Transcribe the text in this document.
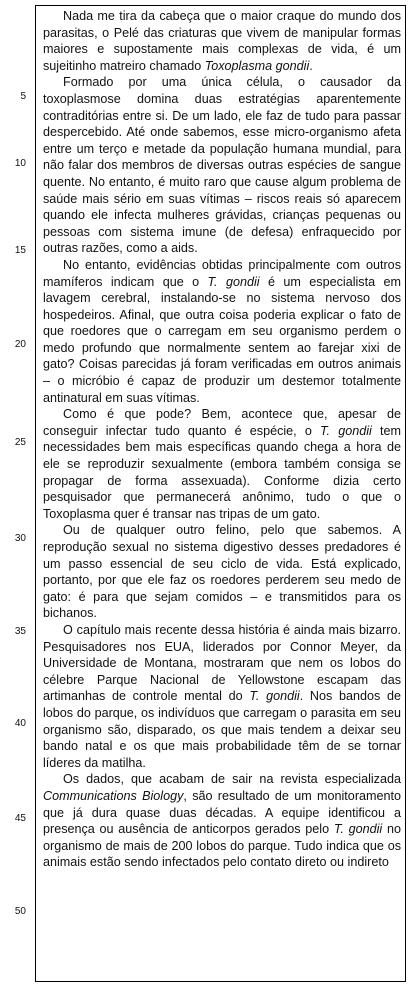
5
10
15
20
25
30
35
40
45
50

Nada me tira da cabeça que o maior craque do mundo dos parasitas, o Pelé das criaturas que vivem de manipular formas maiores e supostamente mais complexas de vida, é um sujeitinho matreiro chamado Toxoplasma gondii.

Formado por uma única célula, o causador da toxoplasmose domina duas estratégias aparentemente contraditórias entre si. De um lado, ele faz de tudo para passar despercebido. Até onde sabemos, esse micro-organismo afeta entre um terço e metade da população humana mundial, para não falar dos membros de diversas outras espécies de sangue quente. No entanto, é muito raro que cause algum problema de saúde mais sério em suas vítimas – riscos reais só aparecem quando ele infecta mulheres grávidas, crianças pequenas ou pessoas com sistema imune (de defesa) enfraquecido por outras razões, como a aids.

No entanto, evidências obtidas principalmente com outros mamíferos indicam que o T. gondii é um especialista em lavagem cerebral, instalando-se no sistema nervoso dos hospedeiros. Afinal, que outra coisa poderia explicar o fato de que roedores que o carregam em seu organismo perdem o medo profundo que normalmente sentem ao farejar xixi de gato? Coisas parecidas já foram verificadas em outros animais – o micróbio é capaz de produzir um destemor totalmente antinatural em suas vítimas.

Como é que pode? Bem, acontece que, apesar de conseguir infectar tudo quanto é espécie, o T. gondii tem necessidades bem mais específicas quando chega a hora de ele se reproduzir sexualmente (embora também consiga se propagar de forma assexuada). Conforme dizia certo pesquisador que permanecerá anônimo, tudo o que o Toxoplasma quer é transar nas tripas de um gato.

Ou de qualquer outro felino, pelo que sabemos. A reprodução sexual no sistema digestivo desses predadores é um passo essencial de seu ciclo de vida. Está explicado, portanto, por que ele faz os roedores perderem seu medo de gato: é para que sejam comidos – e transmitidos para os bichanos.

O capítulo mais recente dessa história é ainda mais bizarro. Pesquisadores nos EUA, liderados por Connor Meyer, da Universidade de Montana, mostraram que nem os lobos do célebre Parque Nacional de Yellowstone escapam das artimanhas de controle mental do T. gondii. Nos bandos de lobos do parque, os indivíduos que carregam o parasita em seu organismo são, disparado, os que mais tendem a deixar seu bando natal e os que mais probabilidade têm de se tornar líderes da matilha.

Os dados, que acabam de sair na revista especializada Communications Biology, são resultado de um monitoramento que já dura quase duas décadas. A equipe identificou a presença ou ausência de anticorpos gerados pelo T. gondii no organismo de mais de 200 lobos do parque. Tudo indica que os animais estão sendo infectados pelo contato direto ou indireto
